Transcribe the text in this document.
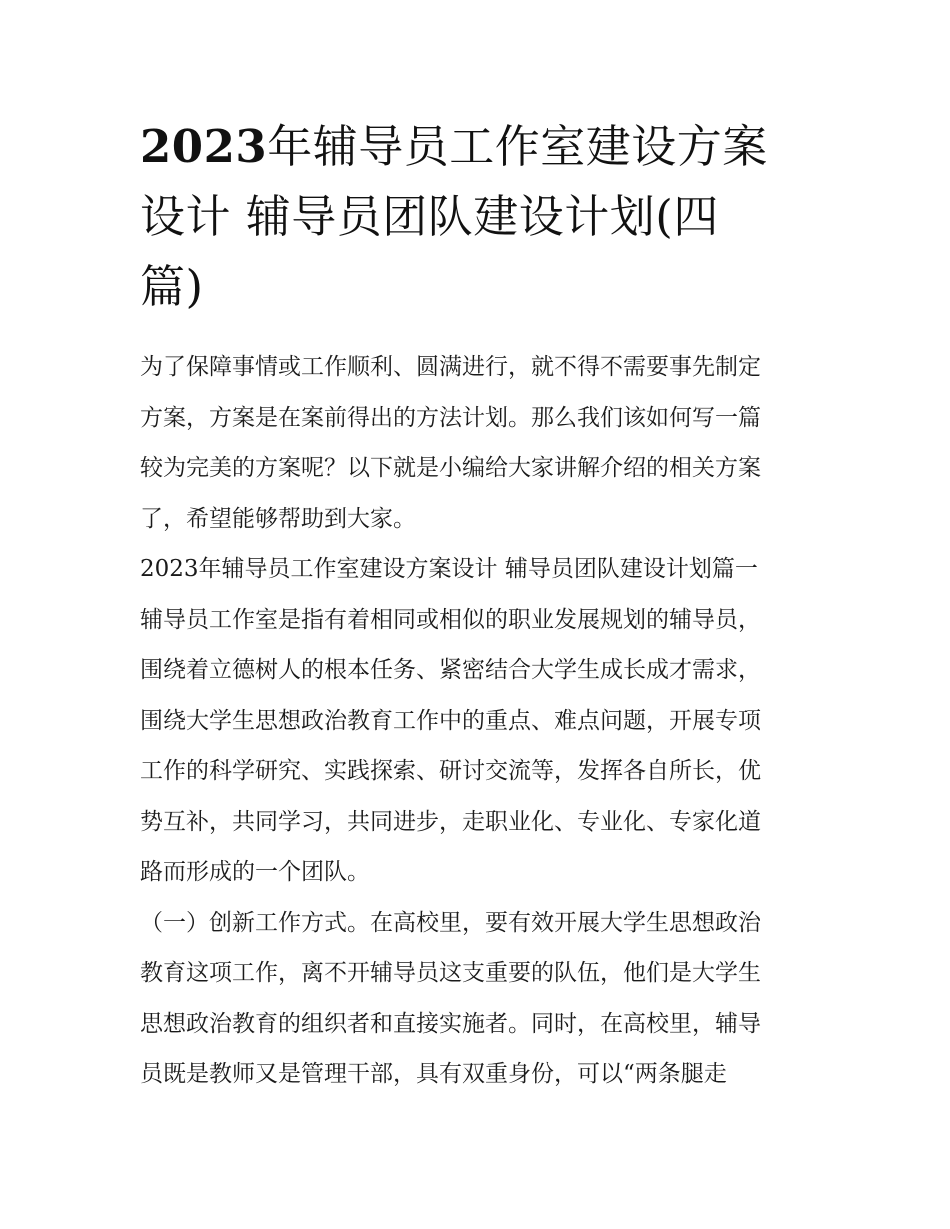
2023年辅导员工作室建设方案
设计 辅导员团队建设计划(四
篇)

为了保障事情或工作顺利、圆满进行，就不得不需要事先制定

方案，方案是在案前得出的方法计划。那么我们该如何写一篇

较为完美的方案呢？以下就是小编给大家讲解介绍的相关方案

了，希望能够帮助到大家。

2023年辅导员工作室建设方案设计 辅导员团队建设计划篇一

辅导员工作室是指有着相同或相似的职业发展规划的辅导员，

围绕着立德树人的根本任务、紧密结合大学生成长成才需求，

围绕大学生思想政治教育工作中的重点、难点问题，开展专项

工作的科学研究、实践探索、研讨交流等，发挥各自所长，优

势互补，共同学习，共同进步，走职业化、专业化、专家化道

路而形成的一个团队。

（一）创新工作方式。在高校里，要有效开展大学生思想政治

教育这项工作，离不开辅导员这支重要的队伍，他们是大学生

思想政治教育的组织者和直接实施者。同时，在高校里，辅导

员既是教师又是管理干部，具有双重身份，可以“两条腿走
